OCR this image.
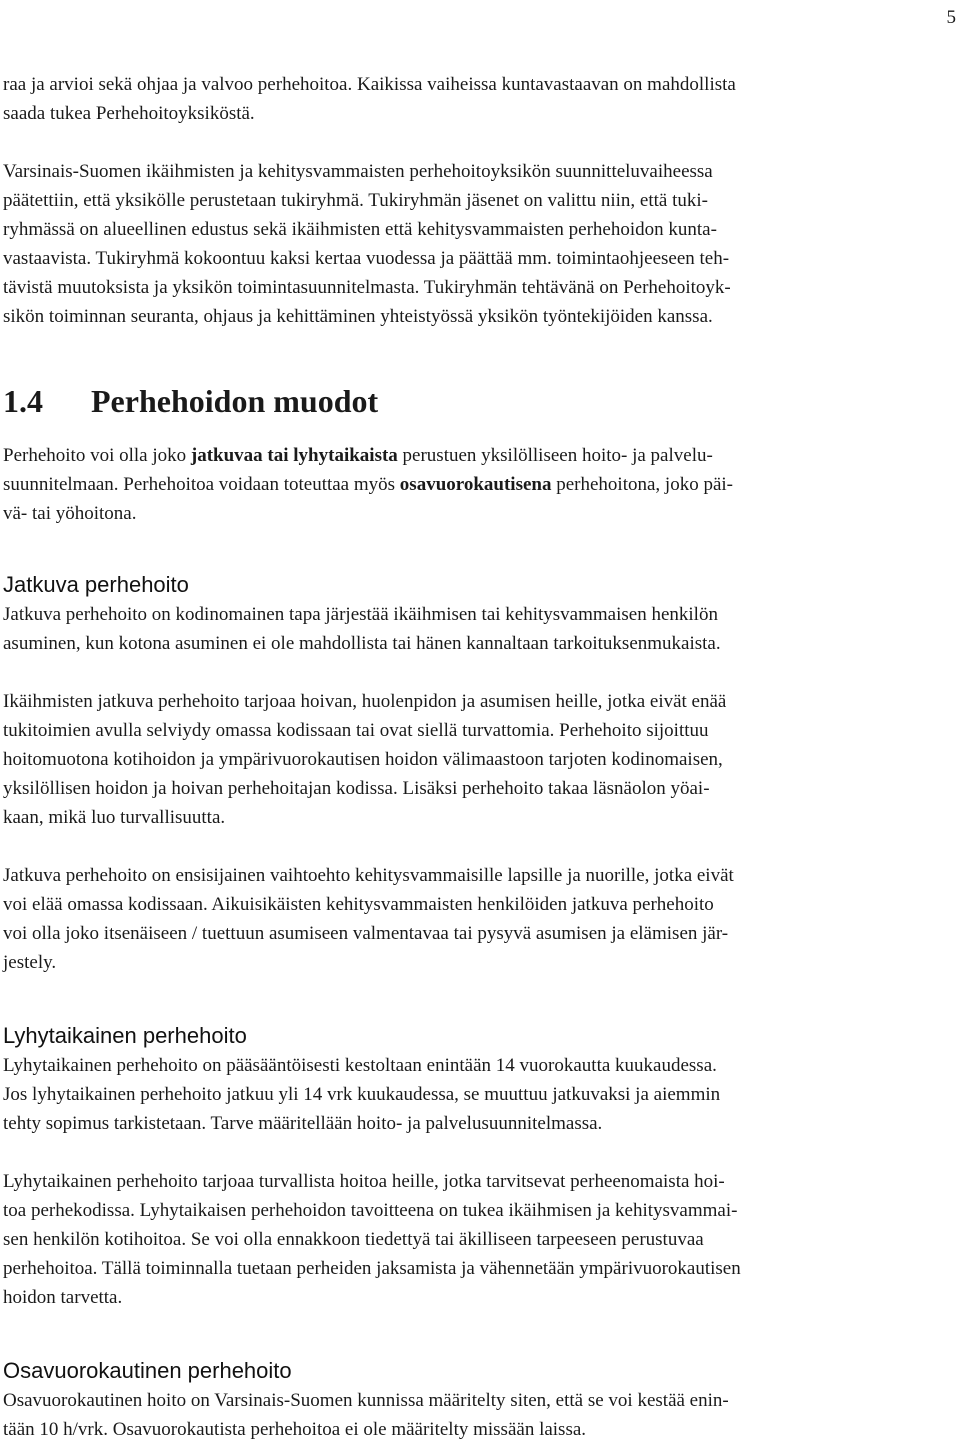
5

raa ja arvioi sekä ohjaa ja valvoo perhehoitoa. Kaikissa vaiheissa kuntavastaavan on mahdollista
saada tukea Perhehoitoyksiköstä.

Varsinais-Suomen ikäihmisten ja kehitysvammaisten perhehoitoyksikön suunnitteluvaiheessa
päätettiin, että yksikölle perustetaan tukiryhmä. Tukiryhmän jäsenet on valittu niin, että tuki-
ryhmässä on alueellinen edustus sekä ikäihmisten että kehitysvammaisten perhehoidon kunta-
vastaavista. Tukiryhmä kokoontuu kaksi kertaa vuodessa ja päättää mm. toimintaohjeeseen teh-
tävistä muutoksista ja yksikön toimintasuunnitelmasta. Tukiryhmän tehtävänä on Perhehoitoyk-
sikön toiminnan seuranta, ohjaus ja kehittäminen yhteistyössä yksikön työntekijöiden kanssa.

1.4 Perhehoidon muodot

Perhehoito voi olla joko jatkuvaa tai lyhytaikaista perustuen yksilölliseen hoito- ja palvelu-
suunnitelmaan. Perhehoitoa voidaan toteuttaa myös osavuorokautisena perhehoitona, joko päi-
vä- tai yöhoitona.

Jatkuva perhehoito

Jatkuva perhehoito on kodinomainen tapa järjestää ikäihmisen tai kehitysvammaisen henkilön
asuminen, kun kotona asuminen ei ole mahdollista tai hänen kannaltaan tarkoituksenmukaista.

Ikäihmisten jatkuva perhehoito tarjoaa hoivan, huolenpidon ja asumisen heille, jotka eivät enää
tukitoimien avulla selviydy omassa kodissaan tai ovat siellä turvattomia. Perhehoito sijoittuu
hoitomuotona kotihoidon ja ympärivuorokautisen hoidon välimaastoon tarjoten kodinomaisen,
yksilöllisen hoidon ja hoivan perhehoitajan kodissa. Lisäksi perhehoito takaa läsnäolon yöai-
kaan, mikä luo turvallisuutta.

Jatkuva perhehoito on ensisijainen vaihtoehto kehitysvammaisille lapsille ja nuorille, jotka eivät
voi elää omassa kodissaan. Aikuisikäisten kehitysvammaisten henkilöiden jatkuva perhehoito
voi olla joko itsenäiseen / tuettuun asumiseen valmentavaa tai pysyvä asumisen ja elämisen jär-
jestely.

Lyhytaikainen perhehoito

Lyhytaikainen perhehoito on pääsääntöisesti kestoltaan enintään 14 vuorokautta kuukaudessa.
Jos lyhytaikainen perhehoito jatkuu yli 14 vrk kuukaudessa, se muuttuu jatkuvaksi ja aiemmin
tehty sopimus tarkistetaan. Tarve määritellään hoito- ja palvelusuunnitelmassa.

Lyhytaikainen perhehoito tarjoaa turvallista hoitoa heille, jotka tarvitsevat perheenomaista hoi-
toa perhekodissa. Lyhytaikaisen perhehoidon tavoitteena on tukea ikäihmisen ja kehitysvammai-
sen henkilön kotihoitoa. Se voi olla ennakkoon tiedettyä tai äkilliseen tarpeeseen perustuvaa
perhehoitoa. Tällä toiminnalla tuetaan perheiden jaksamista ja vähennetään ympärivuorokautisen
hoidon tarvetta.

Osavuorokautinen perhehoito

Osavuorokautinen hoito on Varsinais-Suomen kunnissa määritelty siten, että se voi kestää enin-
tään 10 h/vrk. Osavuorokautista perhehoitoa ei ole määritelty missään laissa.
